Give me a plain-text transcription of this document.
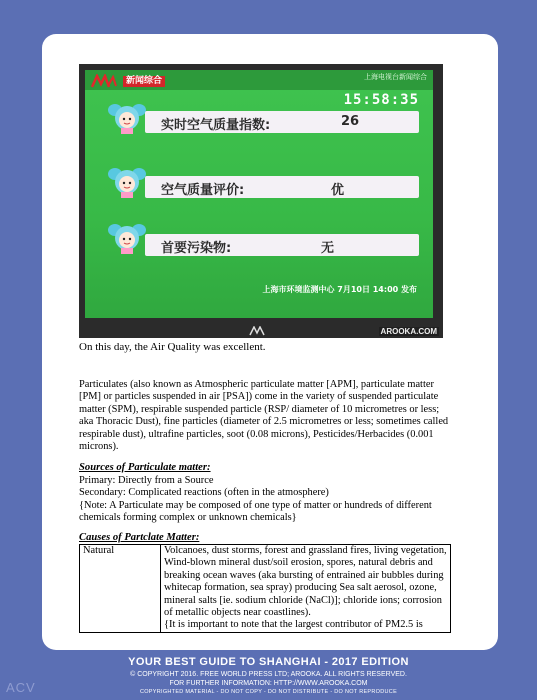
新闻综合	上海电视台新闻综合
15:58:35
实时空气质量指数:	26
空气质量评价:	优
首要污染物:	无
上海市环境监测中心 7月10日 14:00 发布
AROOKA.COM
On this day, the Air Quality was excellent.
Particulates (also known as Atmospheric particulate matter [APM], particulate matter [PM] or particles suspended in air [PSA]) come in the variety of suspended particulate matter (SPM), respirable suspended particle (RSP/ diameter of 10 micrometres or less; aka Thoracic Dust), fine particles (diameter of 2.5 micrometres or less; sometimes called respirable dust), ultrafine particles, soot (0.08 microns), Pesticides/Herbacides (0.001 microns).
Sources of Particulate matter:
Primary: Directly from a Source
Secondary: Complicated reactions (often in the atmosphere)
{Note: A Particulate may be composed of one type of matter or hundreds of different chemicals forming complex or unknown chemicals}
Causes of Partclate Matter:
Natural	Volcanoes, dust storms, forest and grassland fires, living vegetation, Wind-blown mineral dust/soil erosion, spores, natural debris and breaking ocean waves (aka bursting of entrained air bubbles during whitecap formation, sea spray) producing Sea salt aerosol, ozone, mineral salts [ie. sodium chloride (NaCl)]; chloride ions; corrosion of metallic objects near coastlines).
{It is important to note that the largest contributor of PM2.5 is
YOUR BEST GUIDE TO SHANGHAI - 2017 EDITION
© COPYRIGHT 2016. FREE WORLD PRESS LTD; AROOKA. ALL RIGHTS RESERVED.
FOR FURTHER INFORMATION: HTTP://WWW.AROOKA.COM
COPYRIGHTED MATERIAL - DO NOT COPY - DO NOT DISTRIBUTE - DO NOT REPRODUCE
ACV
